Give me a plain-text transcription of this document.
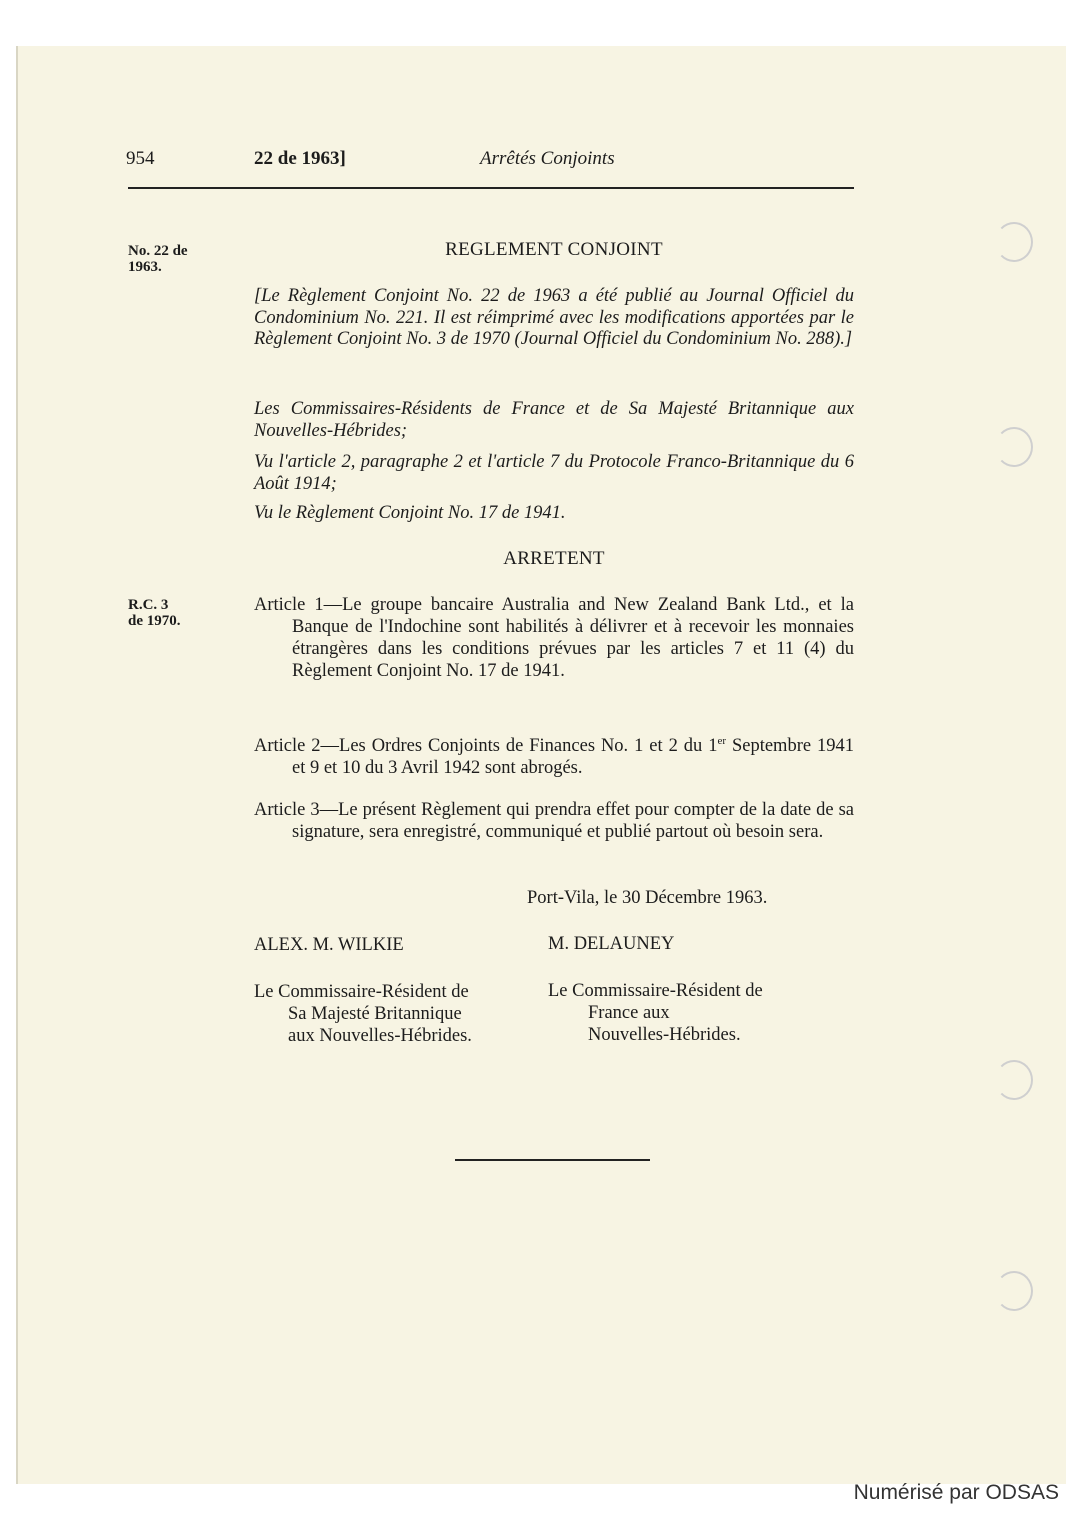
954	22 de 1963]	Arrêtés Conjoints
No. 22 de
1963.
R.C. 3
de 1970.
REGLEMENT CONJOINT
[Le Règlement Conjoint No. 22 de 1963 a été publié au Journal Officiel du Condominium No. 221. Il est réimprimé avec les modifications apportées par le Règlement Conjoint No. 3 de 1970 (Journal Officiel du Condominium No. 288).]
Les Commissaires-Résidents de France et de Sa Majesté Britannique aux Nouvelles-Hébrides;
Vu l'article 2, paragraphe 2 et l'article 7 du Protocole Franco-Britannique du 6 Août 1914;
Vu le Règlement Conjoint No. 17 de 1941.
ARRETENT
Article 1—Le groupe bancaire Australia and New Zealand Bank Ltd., et la Banque de l'Indochine sont habilités à délivrer et à recevoir les monnaies étrangères dans les conditions prévues par les articles 7 et 11 (4) du Règlement Conjoint No. 17 de 1941.
Article 2—Les Ordres Conjoints de Finances No. 1 et 2 du 1er Septembre 1941 et 9 et 10 du 3 Avril 1942 sont abrogés.
Article 3—Le présent Règlement qui prendra effet pour compter de la date de sa signature, sera enregistré, communiqué et publié partout où besoin sera.
Port-Vila, le 30 Décembre 1963.
ALEX. M. WILKIE	M. DELAUNEY
Le Commissaire-Résident de
Sa Majesté Britannique
aux Nouvelles-Hébrides.
Le Commissaire-Résident de
France aux
Nouvelles-Hébrides.
Numérisé par ODSAS
